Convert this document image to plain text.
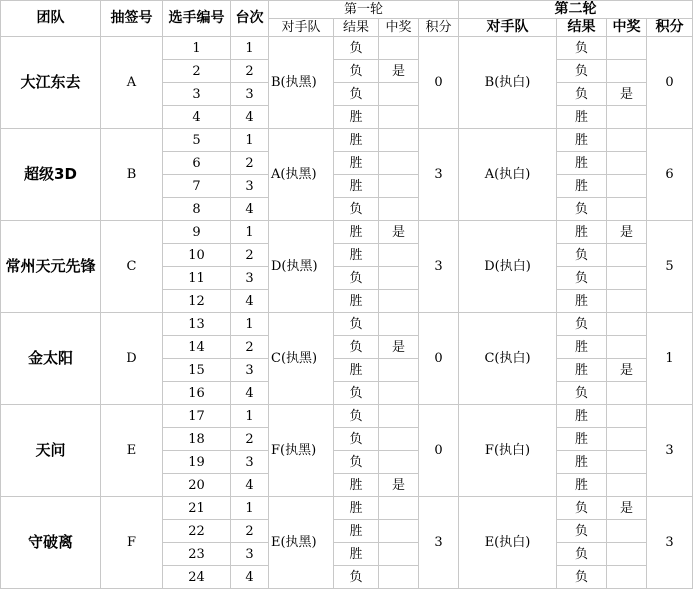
团队	抽签号	选手编号	台次	第一轮				第二轮			
				对手队	结果	中奖	积分	对手队	结果	中奖	积分
大江东去	A	1	1	B(执黑)	负		0	B(执白)	负		0
		2	2		负	是			负		
		3	3		负				负	是	
		4	4		胜				胜		
超级3D	B	5	1	A(执黑)	胜		3	A(执白)	胜		6
		6	2		胜				胜		
		7	3		胜				胜		
		8	4		负				负		
常州天元先锋	C	9	1	D(执黑)	胜	是	3	D(执白)	胜	是	5
		10	2		胜				负		
		11	3		负				负		
		12	4		胜				胜		
金太阳	D	13	1	C(执黑)	负		0	C(执白)	负		1
		14	2		负	是			胜		
		15	3		胜				胜	是	
		16	4		负				负		
天问	E	17	1	F(执黑)	负		0	F(执白)	胜		3
		18	2		负				胜		
		19	3		负				胜		
		20	4		胜	是			胜		
守破离	F	21	1	E(执黑)	胜		3	E(执白)	负	是	3
		22	2		胜				负		
		23	3		胜				负		
		24	4		负				负		
